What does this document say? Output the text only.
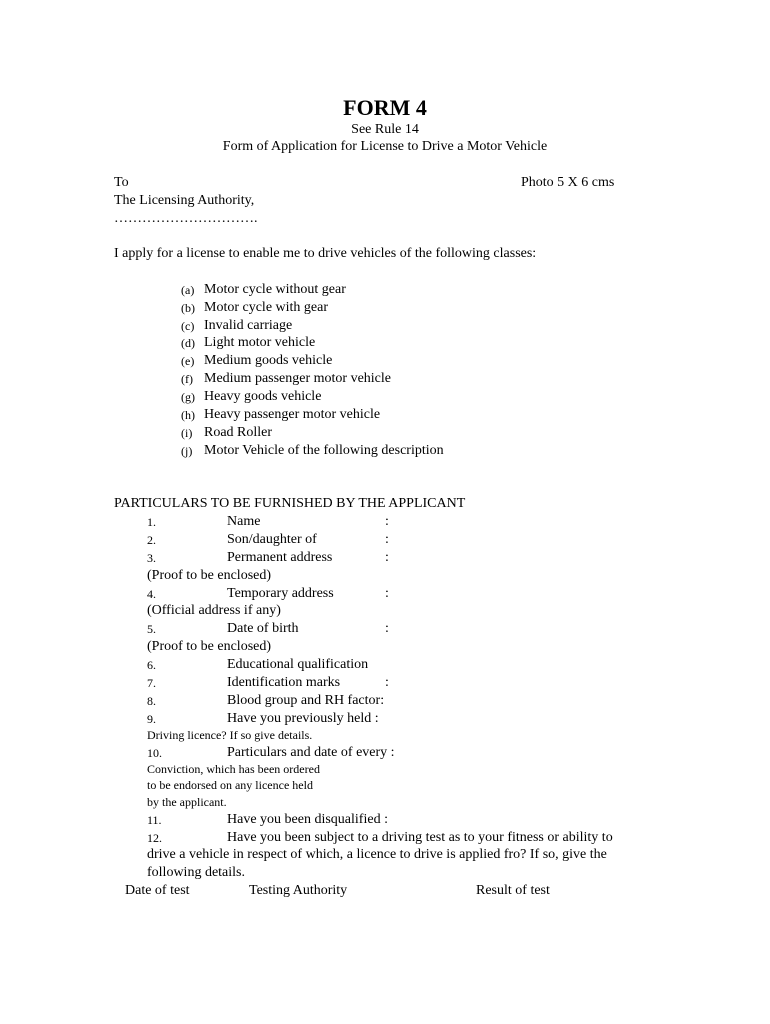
FORM 4
See Rule 14
Form of Application for License to Drive a Motor Vehicle
To	Photo 5 X 6 cms
The Licensing Authority,
………………………….
I apply for a license to enable me to drive vehicles of the following classes:
(a) Motor cycle without gear
(b) Motor cycle with gear
(c) Invalid carriage
(d) Light motor vehicle
(e) Medium goods vehicle
(f) Medium passenger motor vehicle
(g) Heavy goods vehicle
(h) Heavy passenger motor vehicle
(i) Road Roller
(j) Motor Vehicle of the following description
PARTICULARS TO BE FURNISHED BY THE APPLICANT
1.	Name	:
2.	Son/daughter of	:
3.	Permanent address	:
(Proof to be enclosed)
4.	Temporary address	:
(Official address if any)
5.	Date of birth	:
(Proof to be enclosed)
6.	Educational qualification
7.	Identification marks	:
8.	Blood group and RH factor:
9.	Have you previously held :
Driving licence? If so give details.
10.	Particulars and date of every :
Conviction, which has been ordered
to be endorsed on any licence held
by the applicant.
11.	Have you been disqualified :
12.	Have you been subject to a driving test as to your fitness or ability to
drive a vehicle in respect of which, a licence to drive is applied fro? If so, give the
following details.
Date of test	Testing Authority	Result of test
